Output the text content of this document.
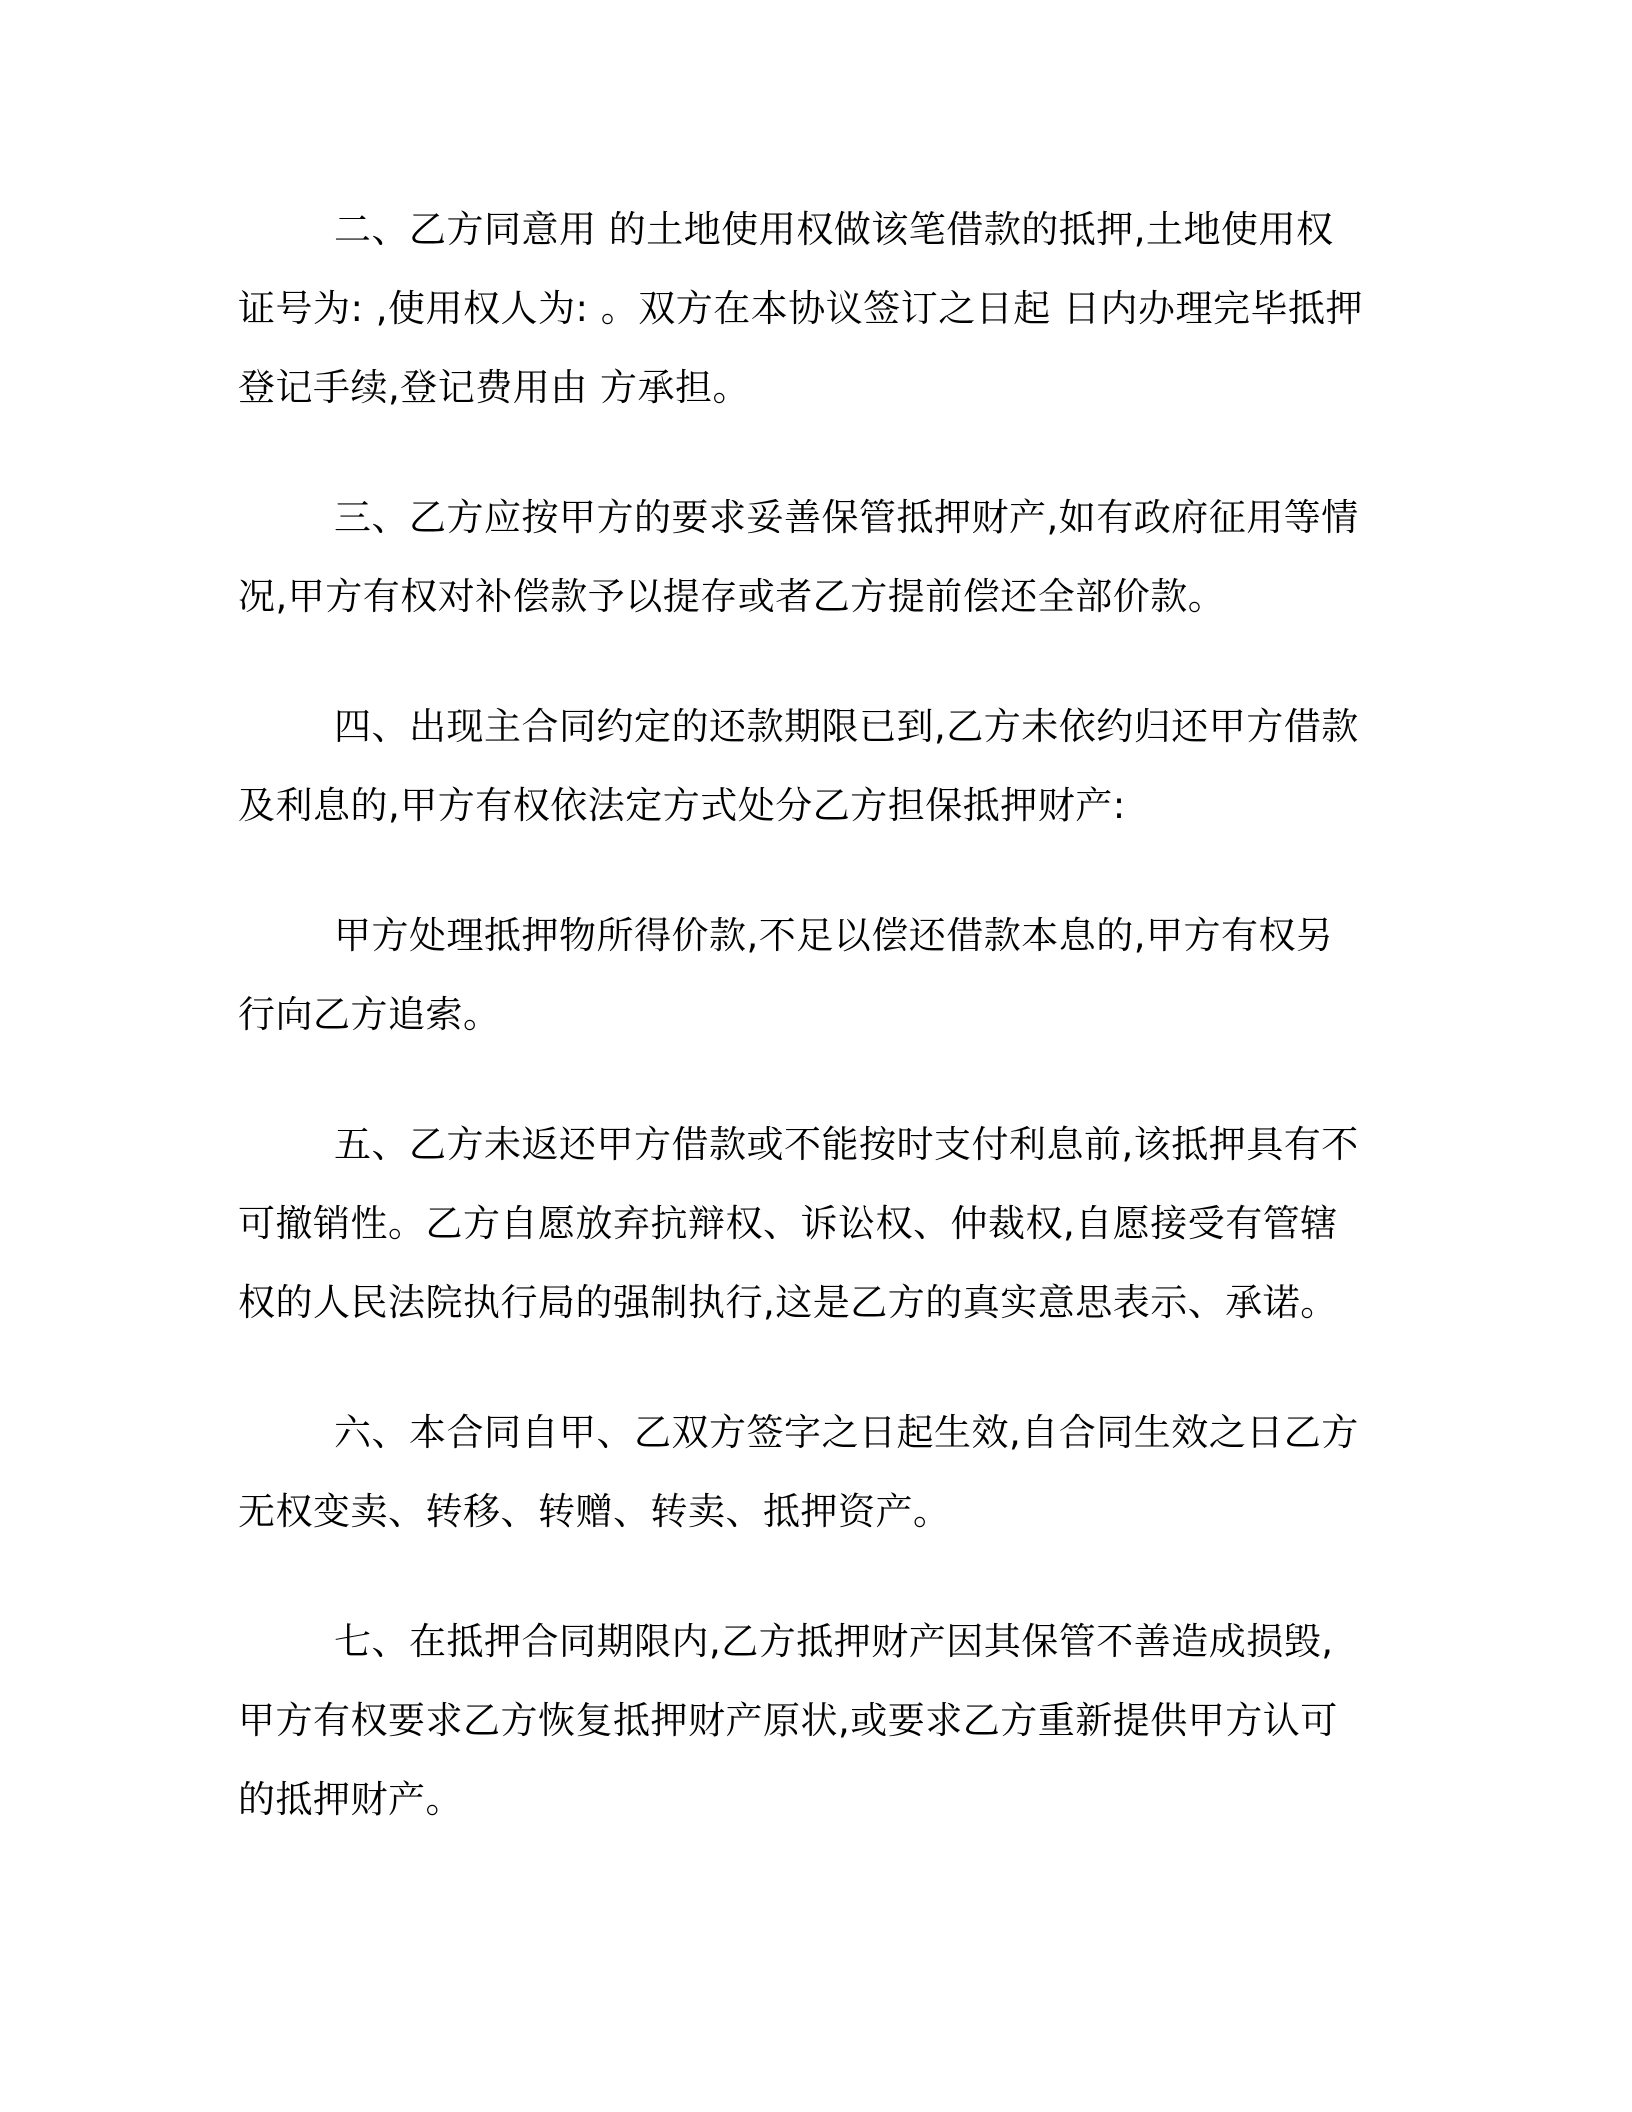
二、乙方同意用 的土地使用权做该笔借款的抵押,土地使用权证号为: ,使用权人为: 。双方在本协议签订之日起 日内办理完毕抵押登记手续,登记费用由 方承担。

三、乙方应按甲方的要求妥善保管抵押财产,如有政府征用等情况,甲方有权对补偿款予以提存或者乙方提前偿还全部价款。

四、出现主合同约定的还款期限已到,乙方未依约归还甲方借款及利息的,甲方有权依法定方式处分乙方担保抵押财产:

甲方处理抵押物所得价款,不足以偿还借款本息的,甲方有权另行向乙方追索。

五、乙方未返还甲方借款或不能按时支付利息前,该抵押具有不可撤销性。乙方自愿放弃抗辩权、诉讼权、仲裁权,自愿接受有管辖权的人民法院执行局的强制执行,这是乙方的真实意思表示、承诺。

六、本合同自甲、乙双方签字之日起生效,自合同生效之日乙方无权变卖、转移、转赠、转卖、抵押资产。

七、在抵押合同期限内,乙方抵押财产因其保管不善造成损毁,甲方有权要求乙方恢复抵押财产原状,或要求乙方重新提供甲方认可的抵押财产。
